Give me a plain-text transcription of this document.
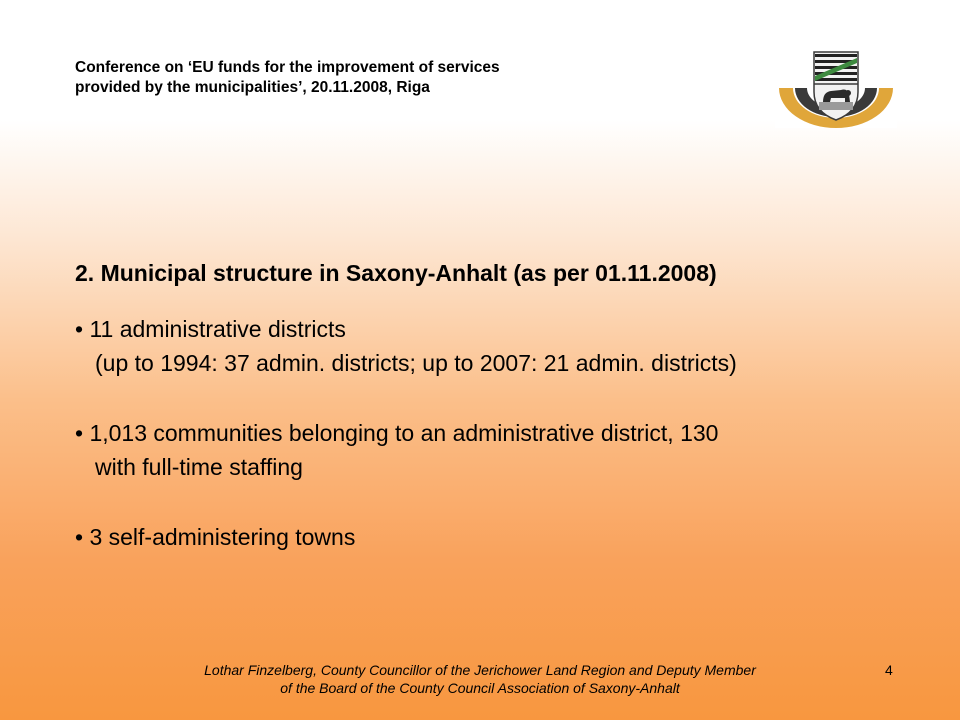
Conference on ‘EU funds for the improvement of services
provided by the municipalities’, 20.11.2008, Riga

2. Municipal structure in Saxony-Anhalt (as per 01.11.2008)

• 11 administrative districts

(up to 1994: 37 admin. districts; up to 2007: 21 admin. districts)

• 1,013 communities belonging to an administrative district, 130

with full-time staffing

• 3 self-administering towns

Lothar Finzelberg, County Councillor of the Jerichower Land Region and Deputy Member
of the Board of the County Council Association of Saxony-Anhalt
4
